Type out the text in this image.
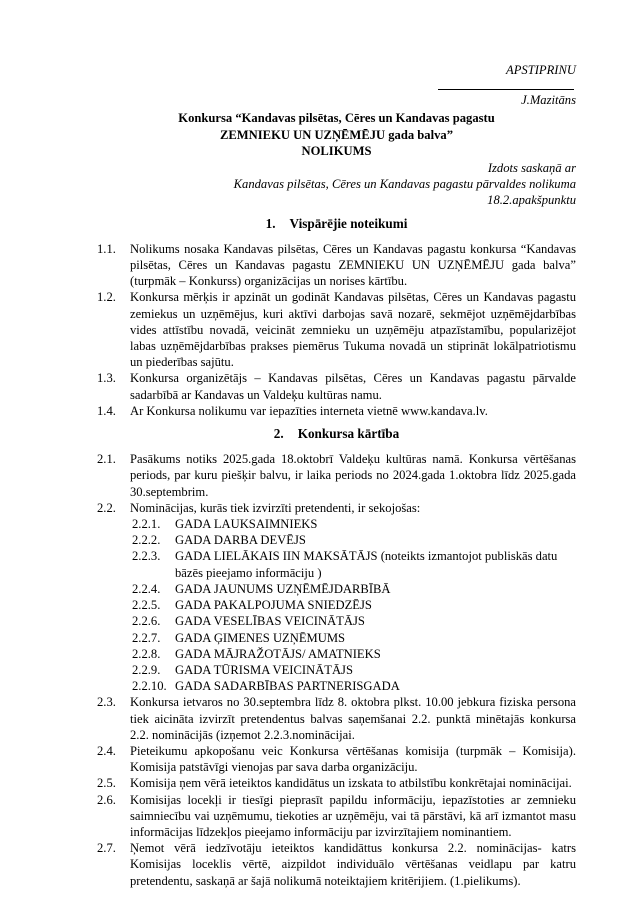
APSTIPRINU
J.Mazitāns
Konkursa “Kandavas pilsētas, Cēres un Kandavas pagastu
ZEMNIEKU UN UZŅĒMĒJU gada balva”
NOLIKUMS
Izdots saskaņā ar
Kandavas pilsētas, Cēres un Kandavas pagastu pārvaldes nolikuma
18.2.apakšpunktu
1. Vispārējie noteikumi
1.1.	Nolikums nosaka Kandavas pilsētas, Cēres un Kandavas pagastu konkursa “Kandavas pilsētas, Cēres un Kandavas pagastu ZEMNIEKU UN UZŅĒMĒJU gada balva” (turpmāk – Konkurss) organizācijas un norises kārtību.
1.2.	Konkursa mērķis ir apzināt un godināt Kandavas pilsētas, Cēres un Kandavas pagastu zemiekus un uzņēmējus, kuri aktīvi darbojas savā nozarē, sekmējot uzņēmējdarbības vides attīstību novadā, veicināt zemnieku un uzņēmēju atpazīstamību, popularizējot labas uzņēmējdarbības prakses piemērus Tukuma novadā un stiprināt lokālpatriotismu un piederības sajūtu.
1.3.	Konkursa organizētājs – Kandavas pilsētas, Cēres un Kandavas pagastu pārvalde sadarbībā ar Kandavas un Valdeķu kultūras namu.
1.4.	Ar Konkursa nolikumu var iepazīties interneta vietnē www.kandava.lv.
2. Konkursa kārtība
2.1.	Pasākums notiks 2025.gada 18.oktobrī Valdeķu kultūras namā. Konkursa vērtēšanas periods, par kuru piešķir balvu, ir laika periods no 2024.gada 1.oktobra līdz 2025.gada 30.septembrim.
2.2.	Nominācijas, kurās tiek izvirzīti pretendenti, ir sekojošas:
2.2.1.	GADA LAUKSAIMNIEKS
2.2.2.	GADA DARBA DEVĒJS
2.2.3.	GADA LIELĀKAIS IIN MAKSĀTĀJS (noteikts izmantojot publiskās datu bāzēs pieejamo informāciju )
2.2.4.	GADA JAUNUMS UZŅĒMĒJDARBĪBĀ
2.2.5.	GADA PAKALPOJUMA SNIEDZĒJS
2.2.6.	GADA VESELĪBAS VEICINĀTĀJS
2.2.7.	GADA ĢIMENES UZŅĒMUMS
2.2.8.	GADA MĀJRAŽOTĀJS/ AMATNIEKS
2.2.9.	GADA TŪRISMA VEICINĀTĀJS
2.2.10. GADA SADARBĪBAS PARTNERISGADA
2.3.	Konkursa ietvaros no 30.septembra līdz 8. oktobra plkst. 10.00 jebkura fiziska persona tiek aicināta izvirzīt pretendentus balvas saņemšanai 2.2. punktā minētajās konkursa 2.2. nominācijās (izņemot 2.2.3.nominācijai.
2.4.	Pieteikumu apkopošanu veic Konkursa vērtēšanas komisija (turpmāk – Komisija). Komisija patstāvīgi vienojas par sava darba organizāciju.
2.5.	Komisija ņem vērā ieteiktos kandidātus un izskata to atbilstību konkrētajai nominācijai.
2.6.	Komisijas locekļi ir tiesīgi pieprasīt papildu informāciju, iepazīstoties ar zemnieku saimniecību vai uzņēmumu, tiekoties ar uzņēmēju, vai tā pārstāvi, kā arī izmantot masu informācijas līdzekļos pieejamo informāciju par izvirzītajiem nominantiem.
2.7.	Ņemot vērā iedzīvotāju ieteiktos kandidāttus konkursa 2.2. nominācijas- katrs Komisijas loceklis vērtē, aizpildot individuālo vērtēšanas veidlapu par katru pretendentu, saskaņā ar šajā nolikumā noteiktajiem kritērijiem. (1.pielikums).
